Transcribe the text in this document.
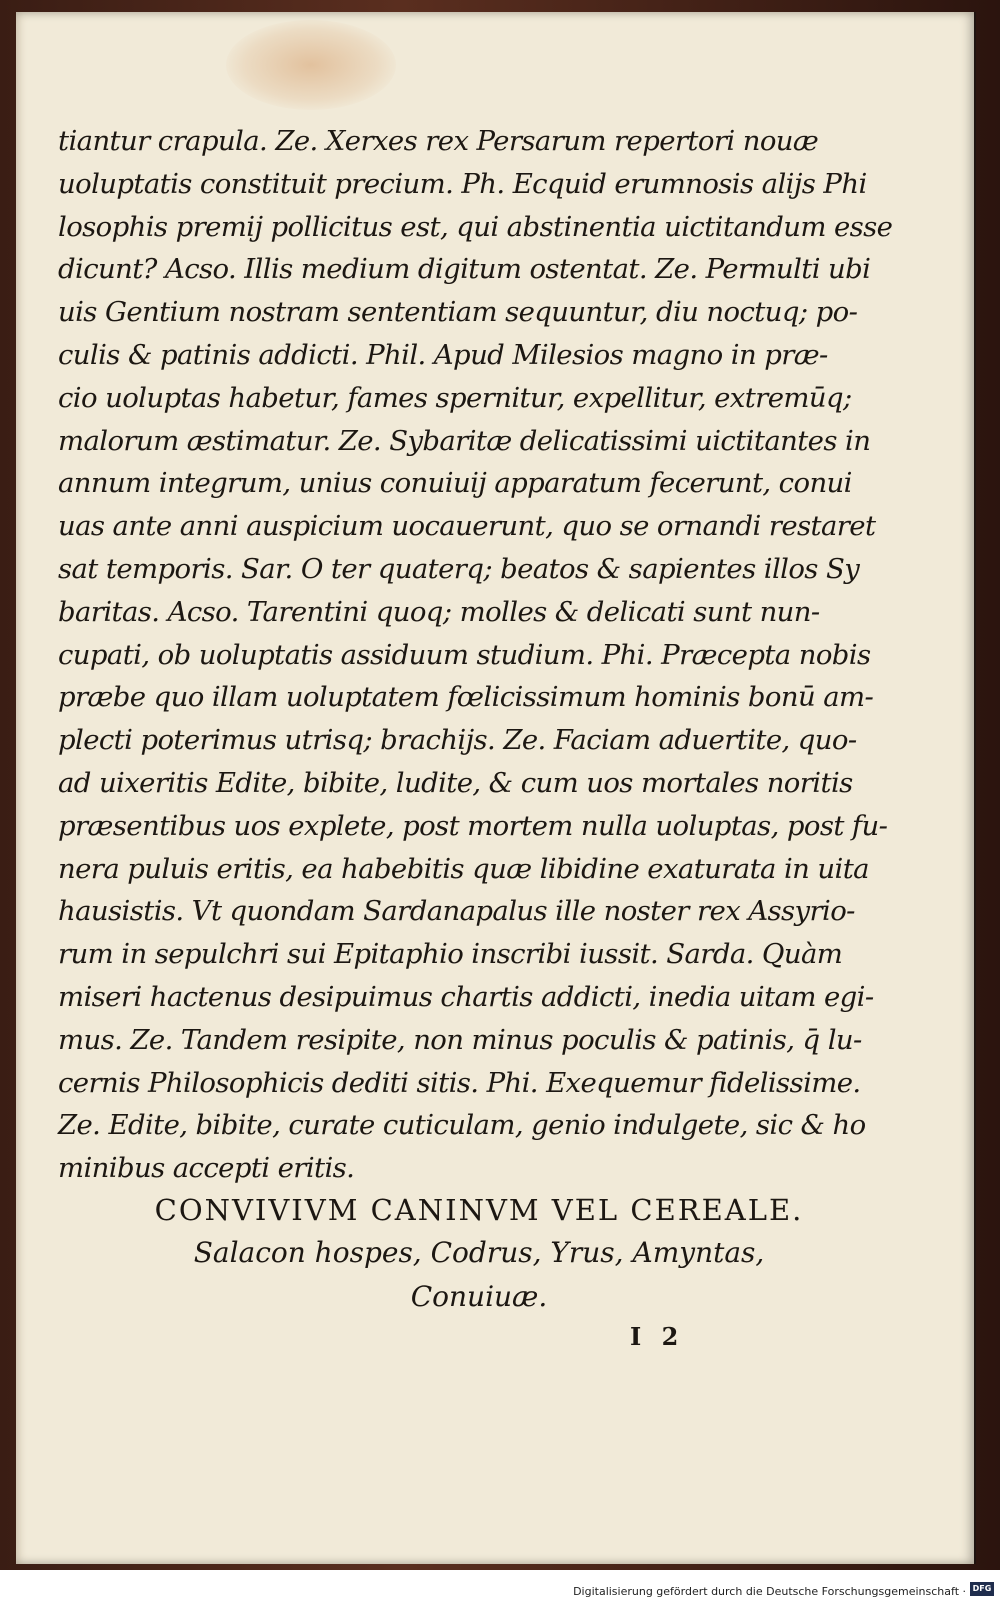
tiantur crapula. Ze. Xerxes rex Persarum repertori nouæ
uoluptatis constituit precium. Ph. Ecquid erumnosis alijs Phi
losophis premij pollicitus est, qui abstinentia uictitandum esse
dicunt? Acso. Illis medium digitum ostentat. Ze. Permulti ubi
uis Gentium nostram sententiam sequuntur, diu noctuq; po-
culis & patinis addicti. Phil. Apud Milesios magno in præ-
cio uoluptas habetur, fames spernitur, expellitur, extremūq;
malorum æstimatur. Ze. Sybaritæ delicatissimi uictitantes in
annum integrum, unius conuiuij apparatum fecerunt, conui
uas ante anni auspicium uocauerunt, quo se ornandi restaret
sat temporis. Sar. O ter quaterq; beatos & sapientes illos Sy
baritas. Acso. Tarentini quoq; molles & delicati sunt nun-
cupati, ob uoluptatis assiduum studium. Phi. Præcepta nobis
præbe quo illam uoluptatem fœlicissimum hominis bonū am-
plecti poterimus utrisq; brachijs. Ze. Faciam aduertite, quo-
ad uixeritis Edite, bibite, ludite, & cum uos mortales noritis
præsentibus uos explete, post mortem nulla uoluptas, post fu-
nera puluis eritis, ea habebitis quæ libidine exaturata in uita
hausistis. Vt quondam Sardanapalus ille noster rex Assyrio-
rum in sepulchri sui Epitaphio inscribi iussit. Sarda. Quàm
miseri hactenus desipuimus chartis addicti, inedia uitam egi-
mus. Ze. Tandem resipite, non minus poculis & patinis, q̄ lu-
cernis Philosophicis dediti sitis. Phi. Exequemur fidelissime.
Ze. Edite, bibite, curate cuticulam, genio indulgete, sic & ho
minibus accepti eritis.
CONVIVIVM CANINVM VEL CEREALE.
Salacon hospes, Codrus, Yrus, Amyntas,
Conuiuæ.
I 2
Digitalisierung gefördert durch die Deutsche Forschungsgemeinschaft · DFG
